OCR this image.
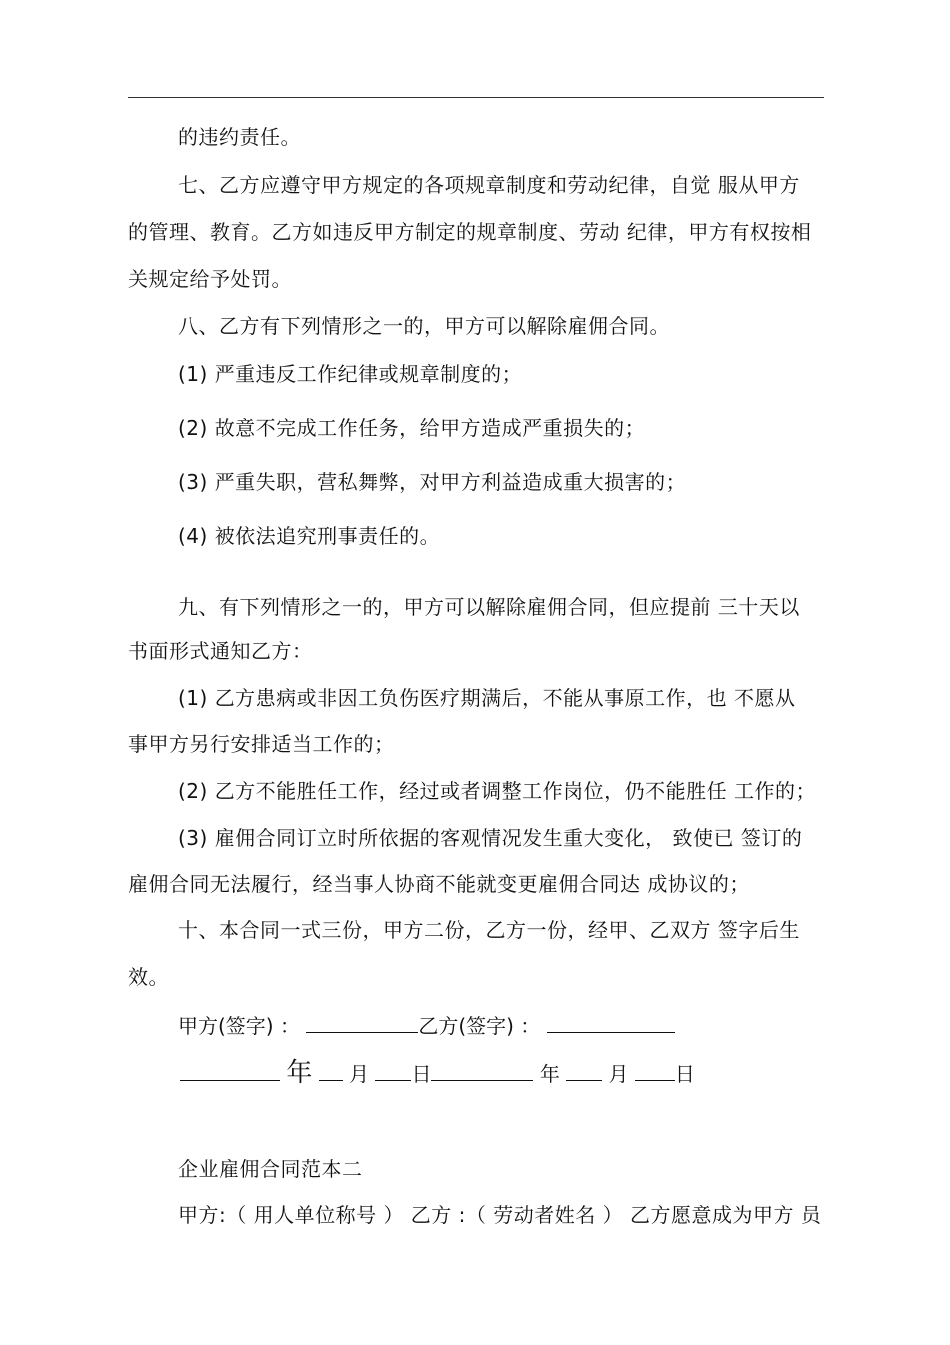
的违约责任。
七、乙方应遵守甲方规定的各项规章制度和劳动纪律，自觉 服从甲方
的管理、教育。乙方如违反甲方制定的规章制度、劳动 纪律，甲方有权按相
关规定给予处罚。
八、乙方有下列情形之一的，甲方可以解除雇佣合同。
(1) 严重违反工作纪律或规章制度的；
(2) 故意不完成工作任务，给甲方造成严重损失的；
(3) 严重失职，营私舞弊，对甲方利益造成重大损害的；
(4) 被依法追究刑事责任的。
九、有下列情形之一的，甲方可以解除雇佣合同，但应提前 三十天以
书面形式通知乙方：
(1) 乙方患病或非因工负伤医疗期满后，不能从事原工作，也 不愿从
事甲方另行安排适当工作的；
(2) 乙方不能胜任工作，经过或者调整工作岗位，仍不能胜任 工作的；
(3) 雇佣合同订立时所依据的客观情况发生重大变化， 致使已 签订的
雇佣合同无法履行，经当事人协商不能就变更雇佣合同达 成协议的；
十、本合同一式三份，甲方二份，乙方一份，经甲、乙双方 签字后生
效。
甲方(签字) ：	乙方(签字) ：
年 月 日	年 月 日
企业雇佣合同范本二
甲方:（ 用人单位称号 ） 乙方 :（ 劳动者姓名 ） 乙方愿意成为甲方 员
